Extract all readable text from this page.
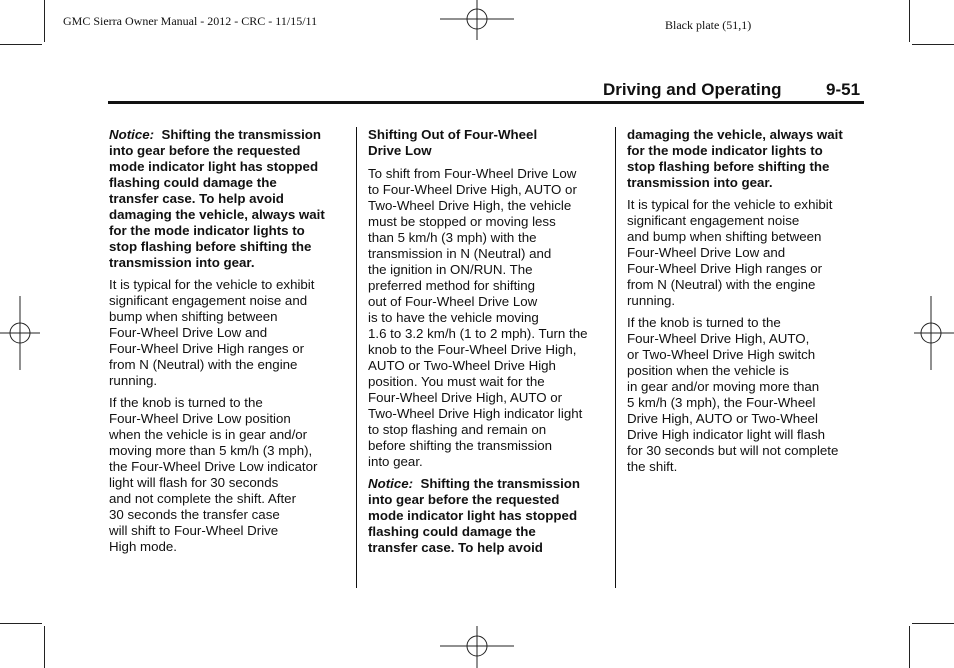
GMC Sierra Owner Manual - 2012 - CRC - 11/15/11	Black plate (51,1)
Driving and Operating	9-51

Notice: Shifting the transmission
into gear before the requested
mode indicator light has stopped
flashing could damage the
transfer case. To help avoid
damaging the vehicle, always wait
for the mode indicator lights to
stop flashing before shifting the
transmission into gear.

It is typical for the vehicle to exhibit
significant engagement noise and
bump when shifting between
Four-Wheel Drive Low and
Four-Wheel Drive High ranges or
from N (Neutral) with the engine
running.

If the knob is turned to the
Four-Wheel Drive Low position
when the vehicle is in gear and/or
moving more than 5 km/h (3 mph),
the Four-Wheel Drive Low indicator
light will flash for 30 seconds
and not complete the shift. After
30 seconds the transfer case
will shift to Four-Wheel Drive
High mode.

Shifting Out of Four-Wheel
Drive Low

To shift from Four-Wheel Drive Low
to Four-Wheel Drive High, AUTO or
Two-Wheel Drive High, the vehicle
must be stopped or moving less
than 5 km/h (3 mph) with the
transmission in N (Neutral) and
the ignition in ON/RUN. The
preferred method for shifting
out of Four-Wheel Drive Low
is to have the vehicle moving
1.6 to 3.2 km/h (1 to 2 mph). Turn the
knob to the Four-Wheel Drive High,
AUTO or Two-Wheel Drive High
position. You must wait for the
Four-Wheel Drive High, AUTO or
Two-Wheel Drive High indicator light
to stop flashing and remain on
before shifting the transmission
into gear.

Notice: Shifting the transmission
into gear before the requested
mode indicator light has stopped
flashing could damage the
transfer case. To help avoid

damaging the vehicle, always wait
for the mode indicator lights to
stop flashing before shifting the
transmission into gear.

It is typical for the vehicle to exhibit
significant engagement noise
and bump when shifting between
Four-Wheel Drive Low and
Four-Wheel Drive High ranges or
from N (Neutral) with the engine
running.

If the knob is turned to the
Four-Wheel Drive High, AUTO,
or Two-Wheel Drive High switch
position when the vehicle is
in gear and/or moving more than
5 km/h (3 mph), the Four-Wheel
Drive High, AUTO or Two-Wheel
Drive High indicator light will flash
for 30 seconds but will not complete
the shift.
